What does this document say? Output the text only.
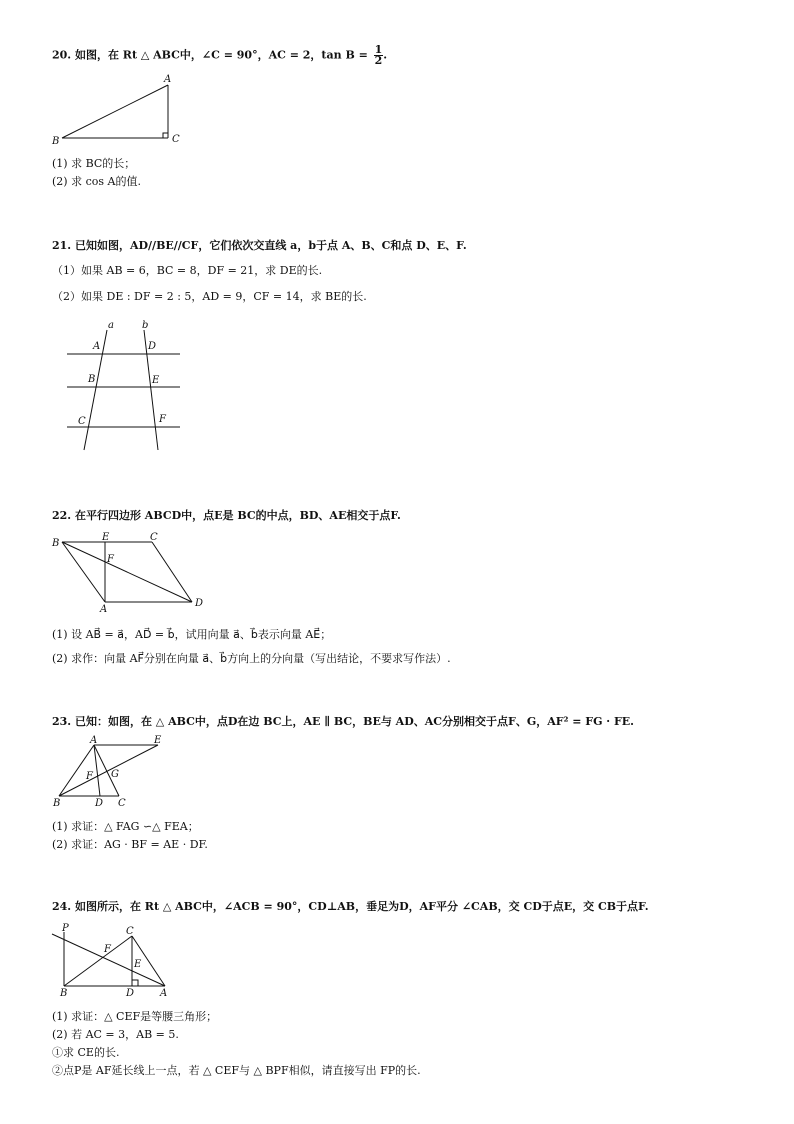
20. 如图，在 Rt △ ABC中，∠C = 90°，AC = 2，$\tan B = \frac{1}{2}$ .
A
B	C
(1) 求 BC的长；
(2) 求 cos A的值.
21. 已知如图，AD//BE//CF，它们依次交直线 a，b于点 A、B、C和点 D、E、F.
（1）如果 AB = 6，BC = 8，DF = 21，求 DE的长.
（2）如果 DE : DF = 2 : 5，AD = 9，CF = 14，求 BE的长.
a	b
A	D
B	E
C	F
22. 在平行四边形 ABCD中，点E是 BC的中点，BD、AE相交于点F.
B
E	C
F
A
D
(1) 设 AB⃗ = a⃗，AD⃗ = b⃗，试用向量 a⃗、b⃗表示向量 AE⃗；
(2) 求作：向量 AF⃗分别在向量 a⃗、b⃗方向上的分向量（写出结论，不要求写作法）.
23. 已知：如图，在 △ ABC中，点D在边 BC上，AE ∥ BC，BE与 AD、AC分别相交于点F、G，AF² = FG · FE.
A	E
F G
B	D C
(1) 求证：△ FAG ∽△ FEA；
(2) 求证：AG · BF = AE · DF.
24. 如图所示，在 Rt △ ABC中，∠ACB = 90°，CD⊥AB，垂足为D，AF平分 ∠CAB，交 CD于点E，交 CB于点F.
P	C
F
E
B	D	A
(1) 求证：△ CEF是等腰三角形；
(2) 若 AC = 3，AB = 5.
①求 CE的长.
②点P是 AF延长线上一点，若 △ CEF与 △ BPF相似，请直接写出 FP的长.
